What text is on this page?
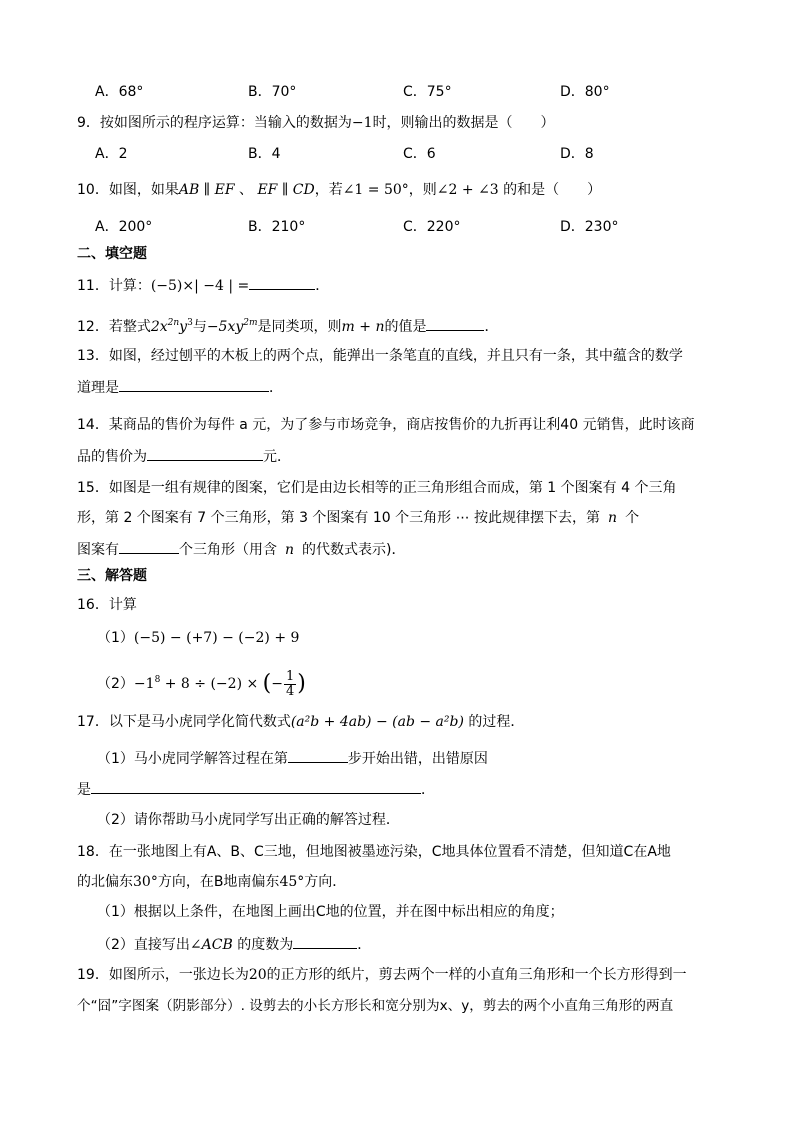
A．68°	B．70°	C．75°	D．80°
9．按如图所示的程序运算：当输入的数据为−1时，则输出的数据是（　　）
A．2	B．4	C．6	D．8
10．如图，如果AB ∥ EF 、 EF ∥ CD，若∠1 = 50°，则∠2 + ∠3 的和是（　　）
A．200°	B．210°	C．220°	D．230°
二、填空题
11．计算：(−5)×| −4 | =	．
12．若整式$2x^{2n}y^3$与$-5xy^{2m}$是同类项，则m + n的值是	．
13．如图，经过刨平的木板上的两个点，能弹出一条笔直的直线，并且只有一条，其中蕴含的数学
道理是	．
14．某商品的售价为每件 a 元，为了参与市场竞争，商店按售价的九折再让利40 元销售，此时该商
品的售价为	元．
15．如图是一组有规律的图案，它们是由边长相等的正三角形组合而成，第 1 个图案有 4 个三角
形，第 2 个图案有 7 个三角形，第 3 个图案有 10 个三角形 ⋯ 按此规律摆下去，第 n 个
图案有	个三角形（用含 n 的代数式表示)．
三、解答题
16．计算
（1）(−5) − (+7) − (−2) + 9
$(2)-1^8 + 8 \div (-2)$ × (− $\frac{1}{4}$ )
17．以下是马小虎同学化简代数式(a²b + 4ab) − (ab − a²b) 的过程．
（1）马小虎同学解答过程在第	步开始出错，出错原因
是	．
（2）请你帮助马小虎同学写出正确的解答过程．
18．在一张地图上有A、B、C三地，但地图被墨迹污染，C地具体位置看不清楚，但知道C在A地
的北偏东30°方向，在B地南偏东45°方向．
（1）根据以上条件，在地图上画出C地的位置，并在图中标出相应的角度；
（2）直接写出∠ACB 的度数为	．
19．如图所示，一张边长为20的正方形的纸片，剪去两个一样的小直角三角形和一个长方形得到一
个“囧”字图案（阴影部分）. 设剪去的小长方形长和宽分别为x、y，剪去的两个小直角三角形的两直
